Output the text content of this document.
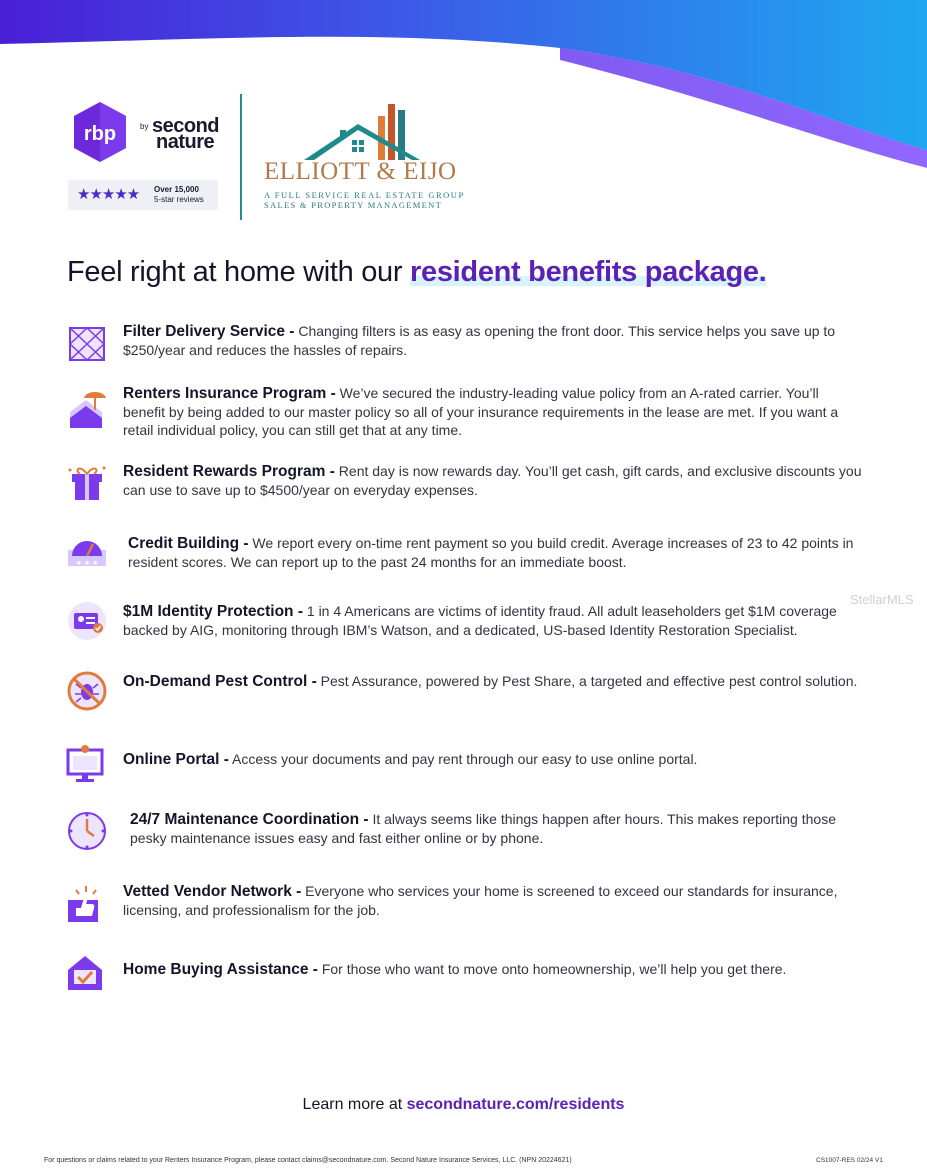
rbp	by second
nature
★★★★★ Over 15,000
5-star reviews
ELLIOTT & EIJO
A FULL SERVICE REAL ESTATE GROUP
SALES & PROPERTY MANAGEMENT
Feel right at home with our resident benefits package.
Filter Delivery Service - Changing filters is as easy as opening the front door. This service helps you save up to $250/year and reduces the hassles of repairs.
Renters Insurance Program - We’ve secured the industry-leading value policy from an A-rated carrier. You’ll benefit by being added to our master policy so all of your insurance requirements in the lease are met. If you want a retail individual policy, you can still get that at any time.
Resident Rewards Program - Rent day is now rewards day. You’ll get cash, gift cards, and exclusive discounts you can use to save up to $4500/year on everyday expenses.
★ ★ ★
Credit Building - We report every on-time rent payment so you build credit. Average increases of 23 to 42 points in resident scores. We can report up to the past 24 months for an immediate boost.
$1M Identity Protection - 1 in 4 Americans are victims of identity fraud. All adult leaseholders get $1M coverage backed by AIG, monitoring through IBM’s Watson, and a dedicated, US-based Identity Restoration Specialist.
On-Demand Pest Control - Pest Assurance, powered by Pest Share, a targeted and effective pest control solution.
Online Portal - Access your documents and pay rent through our easy to use online portal.
24/7 Maintenance Coordination - It always seems like things happen after hours. This makes reporting those pesky maintenance issues easy and fast either online or by phone.
Vetted Vendor Network - Everyone who services your home is screened to exceed our standards for insurance, licensing, and professionalism for the job.
Home Buying Assistance - For those who want to move onto homeownership, we’ll help you get there.
Learn more at secondnature.com/residents
For questions or claims related to your Renters Insurance Program, please contact claims@secondnature.com. Second Nature Insurance Services, LLC. (NPN 20224621)	CS1007-RES 02/24 V1
StellarMLS
